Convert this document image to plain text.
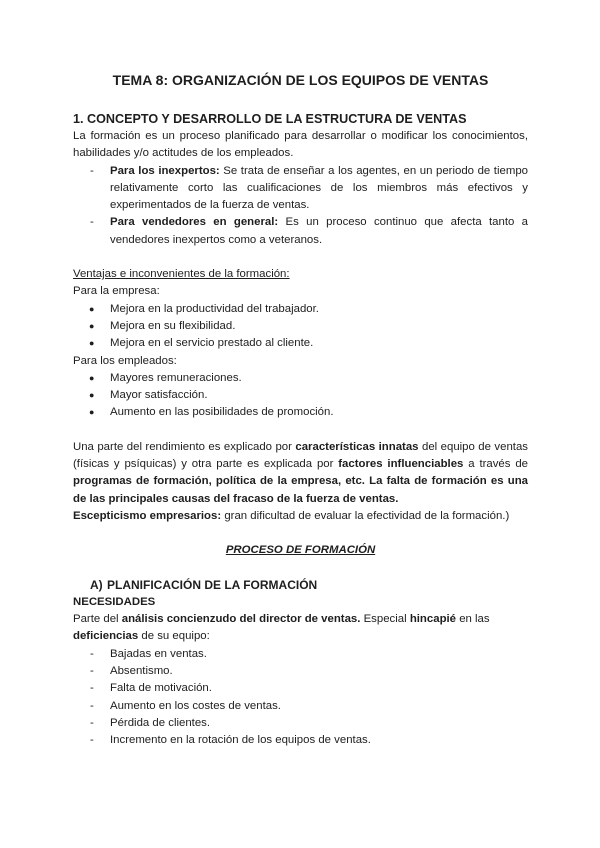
TEMA 8: ORGANIZACIÓN DE LOS EQUIPOS DE VENTAS

1. CONCEPTO Y DESARROLLO DE LA ESTRUCTURA DE VENTAS

La formación es un proceso planificado para desarrollar o modificar los conocimientos, habilidades y/o actitudes de los empleados.

- Para los inexpertos: Se trata de enseñar a los agentes, en un periodo de tiempo relativamente corto las cualificaciones de los miembros más efectivos y experimentados de la fuerza de ventas.
- Para vendedores en general: Es un proceso continuo que afecta tanto a vendedores inexpertos como a veteranos.

Ventajas e inconvenientes de la formación:

Para la empresa:

● Mejora en la productividad del trabajador.
● Mejora en su flexibilidad.
● Mejora en el servicio prestado al cliente.

Para los empleados:

● Mayores remuneraciones.
● Mayor satisfacción.
● Aumento en las posibilidades de promoción.

Una parte del rendimiento es explicado por características innatas del equipo de ventas (físicas y psíquicas) y otra parte es explicada por factores influenciables a través de programas de formación, política de la empresa, etc. La falta de formación es una de las principales causas del fracaso de la fuerza de ventas.

Escepticismo empresarios: gran dificultad de evaluar la efectividad de la formación.)

PROCESO DE FORMACIÓN

A) PLANIFICACIÓN DE LA FORMACIÓN

NECESIDADES

Parte del análisis concienzudo del director de ventas. Especial hincapié en las deficiencias de su equipo:

- Bajadas en ventas.
- Absentismo.
- Falta de motivación.
- Aumento en los costes de ventas.
- Pérdida de clientes.
- Incremento en la rotación de los equipos de ventas.
